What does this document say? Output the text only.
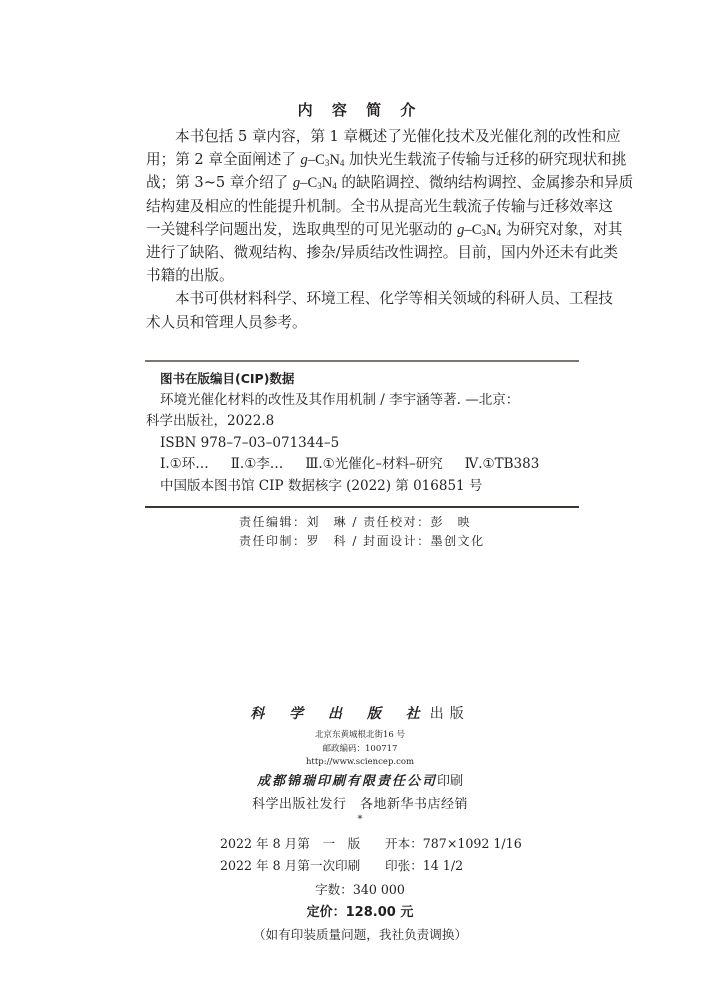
内 容 简 介
本书包括 5 章内容，第 1 章概述了光催化技术及光催化剂的改性和应
用；第 2 章全面阐述了 $g-C_3N_4$ 加快光生载流子传输与迁移的研究现状和挑
战；第 3~5 章介绍了 $g-C_3N_4$ 的缺陷调控、微纳结构调控、金属掺杂和异质
结构建及相应的性能提升机制。全书从提高光生载流子传输与迁移效率这
一关键科学问题出发，选取典型的可见光驱动的 $g-C_3N_4$ 为研究对象，对其
进行了缺陷、微观结构、掺杂/异质结改性调控。目前，国内外还未有此类
书籍的出版。
本书可供材料科学、环境工程、化学等相关领域的科研人员、工程技
术人员和管理人员参考。
图书在版编目(CIP)数据
环境光催化材料的改性及其作用机制 / 李宇涵等著. —北京：
科学出版社，2022.8
ISBN 978–7–03–071344–5
Ⅰ.①环… Ⅱ.①李… Ⅲ.①光催化–材料–研究 Ⅳ.①TB383
中国版本图书馆 CIP 数据核字 (2022) 第 016851 号
责任编辑：刘　琳 / 责任校对：彭　映
责任印制：罗　科 / 封面设计：墨创文化
科 学 出 版 社出版
北京东黄城根北街16 号
邮政编码：100717
http://www.sciencep.com
成都锦瑞印刷有限责任公司印刷
科学出版社发行　各地新华书店经销
*
2022 年 8 月第　一　版 开本：787×1092 1/16
2022 年 8 月第一次印刷 印张：14 1/2
字数：340 000
定价：128.00 元
（如有印装质量问题，我社负责调换）
